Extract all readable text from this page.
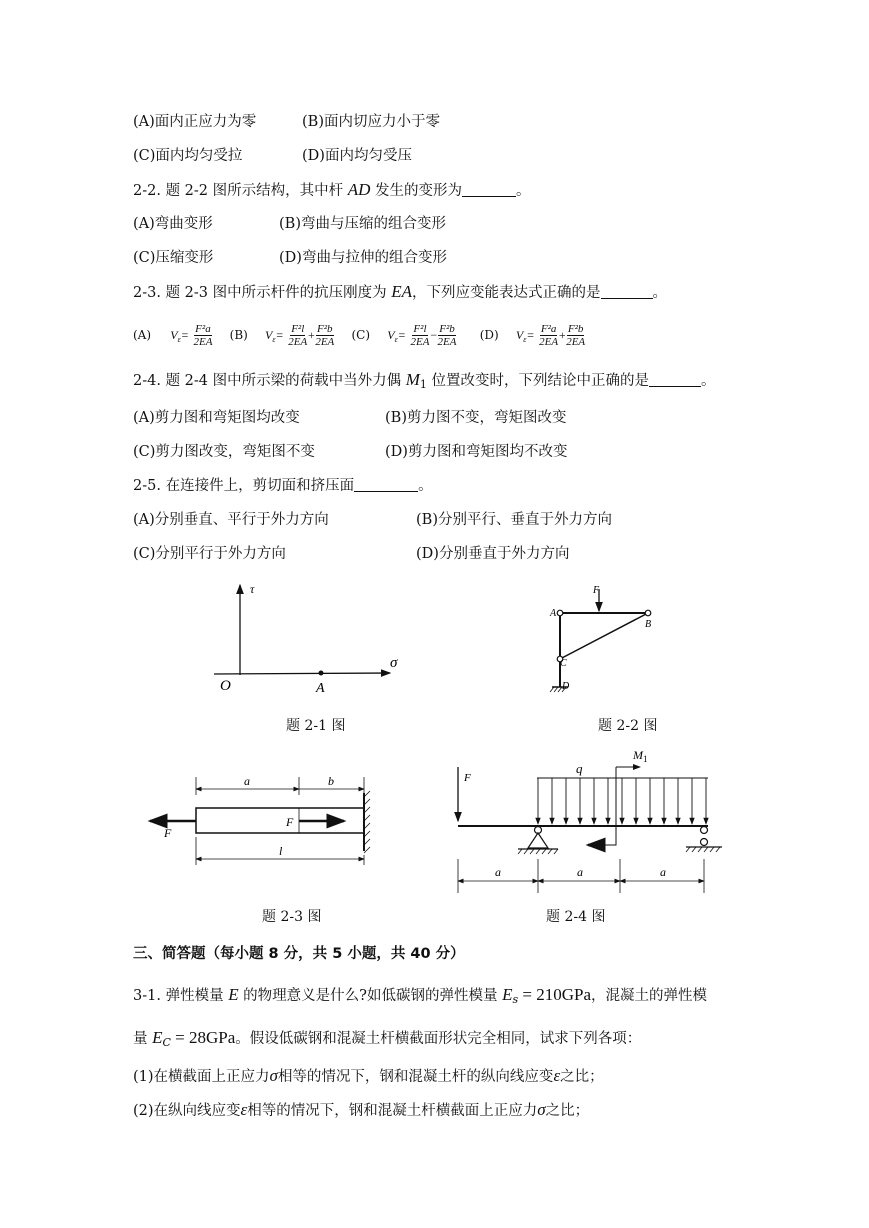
(A)面内正应力为零	(B)面内切应力小于零
(C)面内均匀受拉	(D)面内均匀受压
2-2. 题 2-2 图所示结构，其中杆 AD 发生的变形为	。
(A)弯曲变形	(B)弯曲与压缩的组合变形
(C)压缩变形	(D)弯曲与拉伸的组合变形
2-3. 题 2-3 图中所示杆件的抗压刚度为 EA，下列应变能表达式正确的是	。
(A) $V_\varepsilon= \frac{\text{F²a}}{2EA} (B)$ $V_\varepsilon= \frac{\text{F²l}}{2EA} + \frac{\text{F²b}}{2EA} (C)$ $V_\varepsilon= \frac{\text{F²l}}{2EA} - \frac{\text{F²b}}{2EA} (D)$ $V_\varepsilon= \frac{\text{F²a}}{2EA} + \frac{\text{F²b}}{2EA}$
2-4. 题 2-4 图中所示梁的荷载中当外力偶 $M_1$ 位置改变时，下列结论中正确的是	。
(A)剪力图和弯矩图均改变	(B)剪力图不变，弯矩图改变
(C)剪力图改变，弯矩图不变	(D)剪力图和弯矩图均不改变
2-5. 在连接件上，剪切面和挤压面	。
(A)分别垂直、平行于外力方向	(B)分别平行、垂直于外力方向
(C)分别平行于外力方向	(D)分别垂直于外力方向
τ
σ
O	A
题 2-1 图
F
A
B
C
D
题 2-2 图
a	b
l
F
F
题 2-3 图
F
q
$M_1$
a	a	a
题 2-4 图
三、简答题（每小题 8 分，共 5 小题，共 40 分）
3-1. 弹性模量 E 的物理意义是什么?如低碳钢的弹性模量 $E_s = 210GPa$，混凝土的弹性模
量 $E_C = 28GPa$。假设低碳钢和混凝土杆横截面形状完全相同，试求下列各项：
(1)在横截面上正应力σ相等的情况下，钢和混凝土杆的纵向线应变ε之比；
(2)在纵向线应变ε相等的情况下，钢和混凝土杆横截面上正应力σ之比；
